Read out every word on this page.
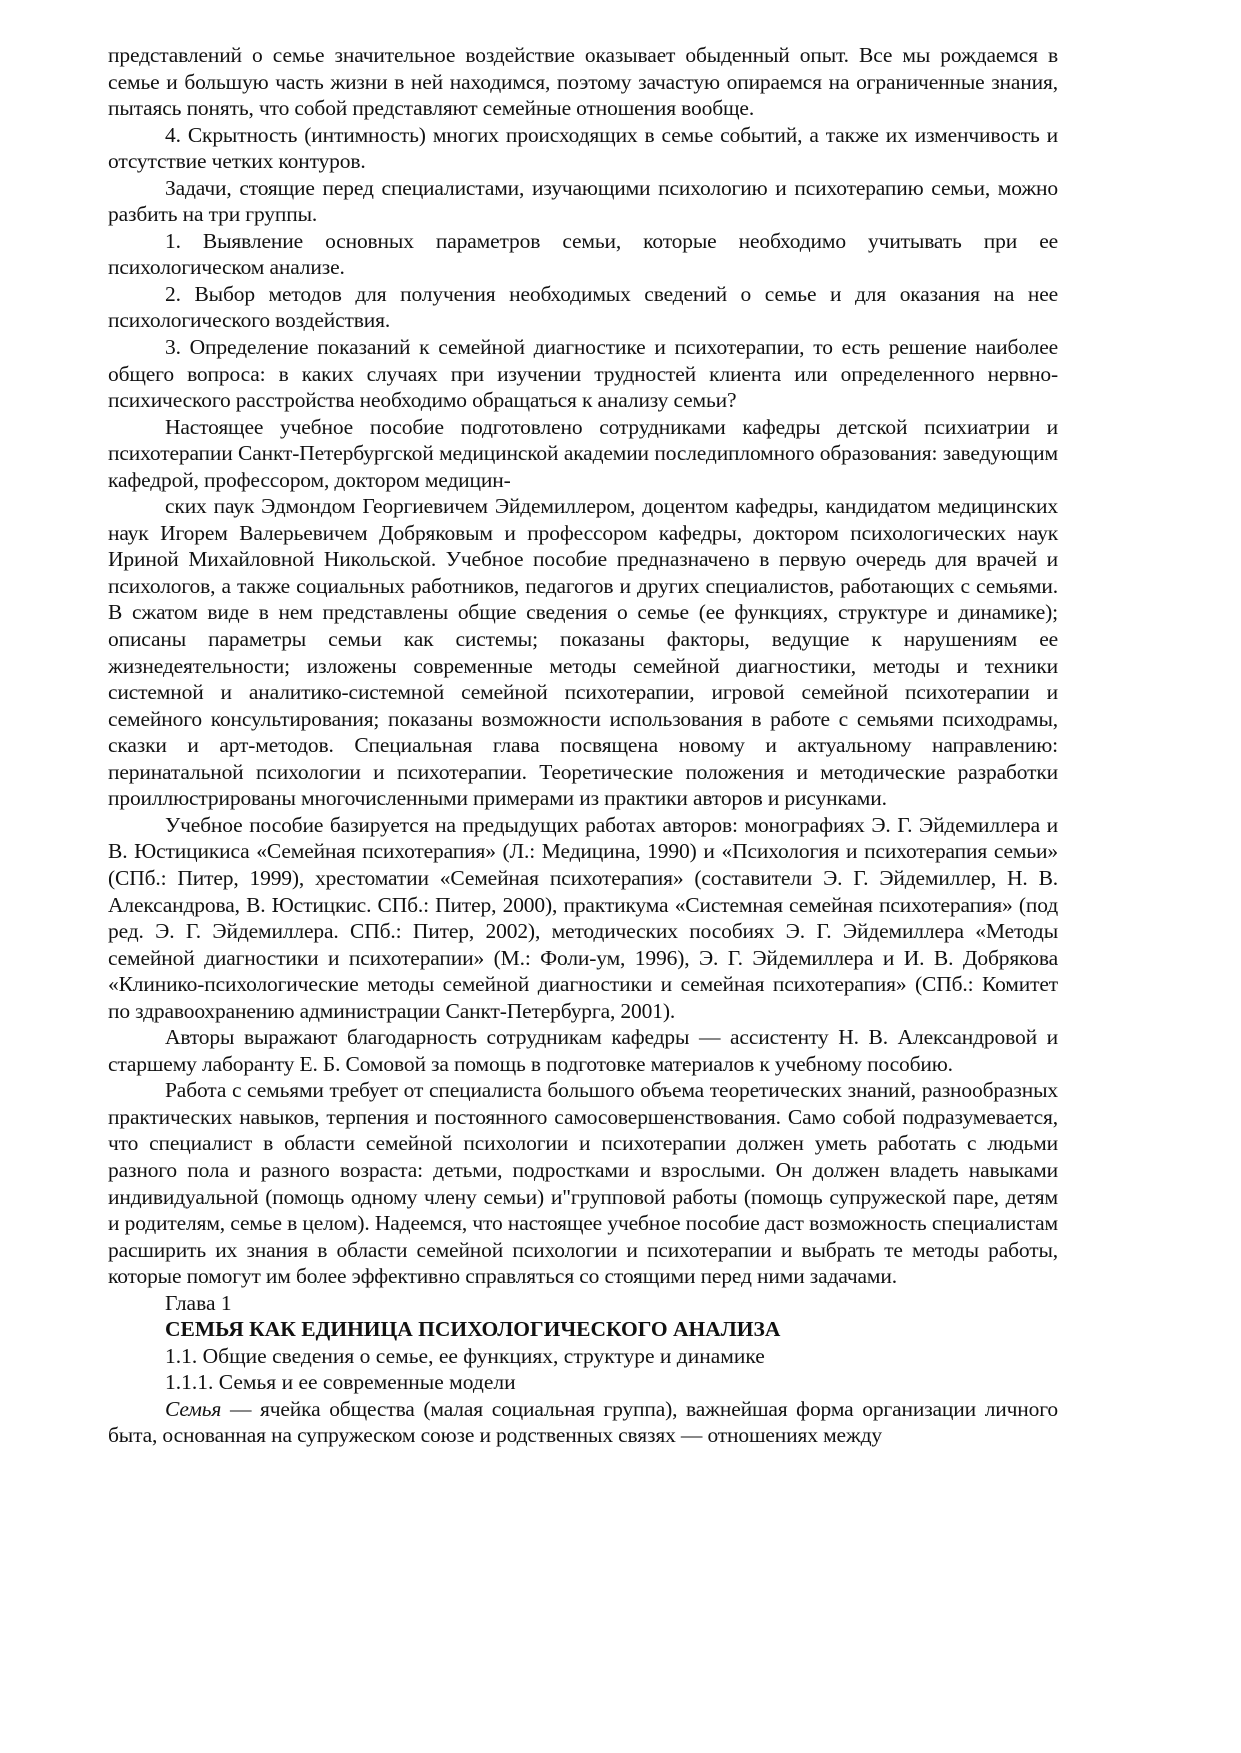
представлений о семье значительное воздействие оказывает обыденный опыт. Все мы рождаемся в семье и большую часть жизни в ней находимся, поэтому зачастую опираемся на ограниченные знания, пытаясь понять, что собой представляют семейные отношения вообще.

4. Скрытность (интимность) многих происходящих в семье событий, а также их изменчивость и отсутствие четких контуров.

Задачи, стоящие перед специалистами, изучающими психологию и психотерапию семьи, можно разбить на три группы.

1. Выявление основных параметров семьи, которые необходимо учитывать при ее психологическом анализе.

2. Выбор методов для получения необходимых сведений о семье и для оказания на нее психологического воздействия.

3. Определение показаний к семейной диагностике и психотерапии, то есть решение наиболее общего вопроса: в каких случаях при изучении трудностей клиента или определенного нервно-психического расстройства необходимо обращаться к анализу семьи?

Настоящее учебное пособие подготовлено сотрудниками кафедры детской психиатрии и психотерапии Санкт-Петербургской медицинской академии последипломного образования: заведующим кафедрой, профессором, доктором медицин-

ских паук Эдмондом Георгиевичем Эйдемиллером, доцентом кафедры, кандидатом медицинских наук Игорем Валерьевичем Добряковым и профессором кафедры, доктором психологических наук Ириной Михайловной Никольской. Учебное пособие предназначено в первую очередь для врачей и психологов, а также социальных работников, педагогов и других специалистов, работающих с семьями. В сжатом виде в нем представлены общие сведения о семье (ее функциях, структуре и динамике); описаны параметры семьи как системы; показаны факторы, ведущие к нарушениям ее жизнедеятельности; изложены современные методы семейной диагностики, методы и техники системной и аналитико-системной семейной психотерапии, игровой семейной психотерапии и семейного консультирования; показаны возможности использования в работе с семьями психодрамы, сказки и арт-методов. Специальная глава посвящена новому и актуальному направлению: перинатальной психологии и психотерапии. Теоретические положения и методические разработки проиллюстрированы многочисленными примерами из практики авторов и рисунками.

Учебное пособие базируется на предыдущих работах авторов: монографиях Э. Г. Эйдемиллера и В. Юстицикиса «Семейная психотерапия» (Л.: Медицина, 1990) и «Психология и психотерапия семьи» (СПб.: Питер, 1999), хрестоматии «Семейная психотерапия» (составители Э. Г. Эйдемиллер, Н. В. Александрова, В. Юстицкис. СПб.: Питер, 2000), практикума «Системная семейная психотерапия» (под ред. Э. Г. Эйдемиллера. СПб.: Питер, 2002), методических пособиях Э. Г. Эйдемиллера «Методы семейной диагностики и психотерапии» (М.: Фоли-ум, 1996), Э. Г. Эйдемиллера и И. В. Добрякова «Клинико-психологические методы семейной диагностики и семейная психотерапия» (СПб.: Комитет по здравоохранению администрации Санкт-Петербурга, 2001).

Авторы выражают благодарность сотрудникам кафедры — ассистенту Н. В. Александровой и старшему лаборанту Е. Б. Сомовой за помощь в подготовке материалов к учебному пособию.

Работа с семьями требует от специалиста большого объема теоретических знаний, разнообразных практических навыков, терпения и постоянного самосовершенствования. Само собой подразумевается, что специалист в области семейной психологии и психотерапии должен уметь работать с людьми разного пола и разного возраста: детьми, подростками и взрослыми. Он должен владеть навыками индивидуальной (помощь одному члену семьи) и"групповой работы (помощь супружеской паре, детям и родителям, семье в целом). Надеемся, что настоящее учебное пособие даст возможность специалистам расширить их знания в области семейной психологии и психотерапии и выбрать те методы работы, которые помогут им более эффективно справляться со стоящими перед ними задачами.

Глава 1

СЕМЬЯ КАК ЕДИНИЦА ПСИХОЛОГИЧЕСКОГО АНАЛИЗА

1.1. Общие сведения о семье, ее функциях, структуре и динамике

1.1.1. Семья и ее современные модели

Семья — ячейка общества (малая социальная группа), важнейшая форма организации личного быта, основанная на супружеском союзе и родственных связях — отношениях между
